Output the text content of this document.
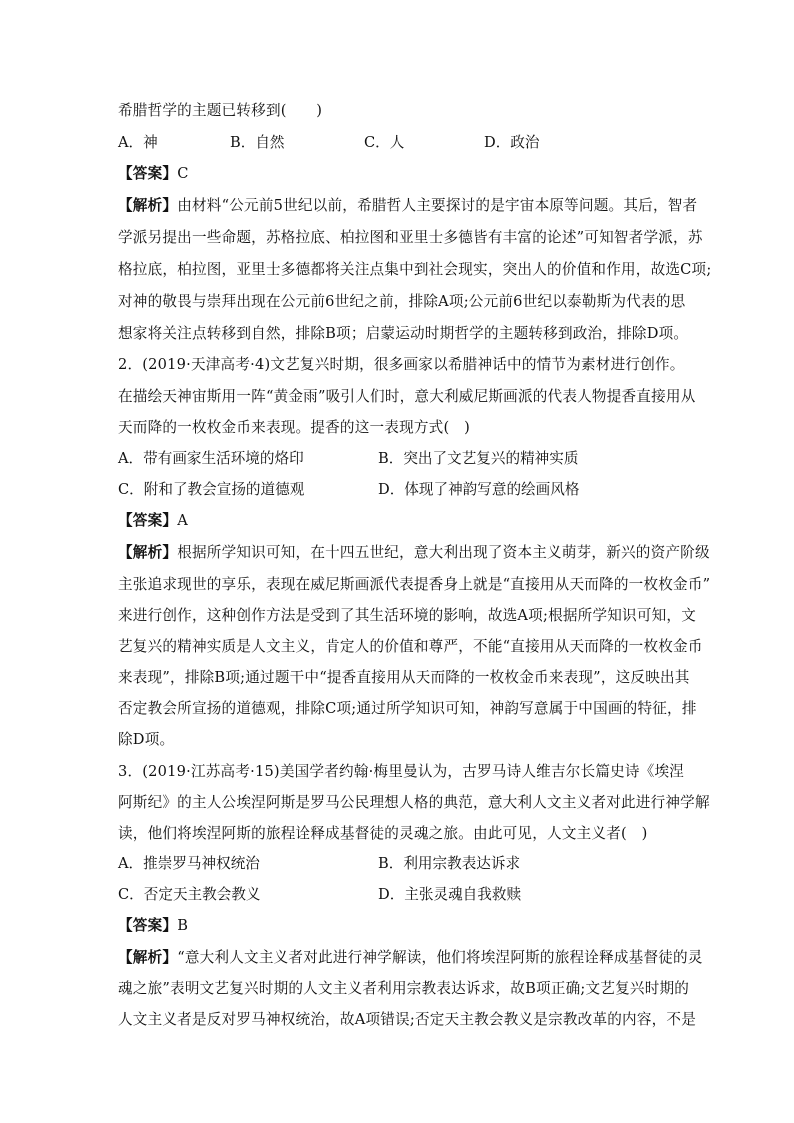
希腊哲学的主题已转移到(　　)
A．神	B．自然	C．人	D．政治
【答案】C
【解析】由材料“公元前5世纪以前，希腊哲人主要探讨的是宇宙本原等问题。其后，智者
学派另提出一些命题，苏格拉底、柏拉图和亚里士多德皆有丰富的论述”可知智者学派，苏
格拉底，柏拉图，亚里士多德都将关注点集中到社会现实，突出人的价值和作用，故选C项;
对神的敬畏与崇拜出现在公元前6世纪之前，排除A项;公元前6世纪以泰勒斯为代表的思
想家将关注点转移到自然，排除B项；启蒙运动时期哲学的主题转移到政治，排除D项。
2．(2019·天津高考·4)文艺复兴时期，很多画家以希腊神话中的情节为素材进行创作。
在描绘天神宙斯用一阵“黄金雨”吸引人们时，意大利威尼斯画派的代表人物提香直接用从
天而降的一枚枚金币来表现。提香的这一表现方式(　)
A．带有画家生活环境的烙印	B．突出了文艺复兴的精神实质
C．附和了教会宣扬的道德观	D．体现了神韵写意的绘画风格
【答案】A
【解析】根据所学知识可知，在十四五世纪，意大利出现了资本主义萌芽，新兴的资产阶级
主张追求现世的享乐，表现在威尼斯画派代表提香身上就是“直接用从天而降的一枚枚金币”
来进行创作，这种创作方法是受到了其生活环境的影响，故选A项;根据所学知识可知，文
艺复兴的精神实质是人文主义，肯定人的价值和尊严，不能“直接用从天而降的一枚枚金币
来表现”，排除B项;通过题干中“提香直接用从天而降的一枚枚金币来表现”，这反映出其
否定教会所宣扬的道德观，排除C项;通过所学知识可知，神韵写意属于中国画的特征，排
除D项。
3．(2019·江苏高考·15)美国学者约翰·梅里曼认为，古罗马诗人维吉尔长篇史诗《埃涅
阿斯纪》的主人公埃涅阿斯是罗马公民理想人格的典范，意大利人文主义者对此进行神学解
读，他们将埃涅阿斯的旅程诠释成基督徒的灵魂之旅。由此可见，人文主义者(　)
A．推崇罗马神权统治	B．利用宗教表达诉求
C．否定天主教会教义	D．主张灵魂自我救赎
【答案】B
【解析】“意大利人文主义者对此进行神学解读，他们将埃涅阿斯的旅程诠释成基督徒的灵
魂之旅”表明文艺复兴时期的人文主义者利用宗教表达诉求，故B项正确;文艺复兴时期的
人文主义者是反对罗马神权统治，故A项错误;否定天主教会教义是宗教改革的内容，不是
